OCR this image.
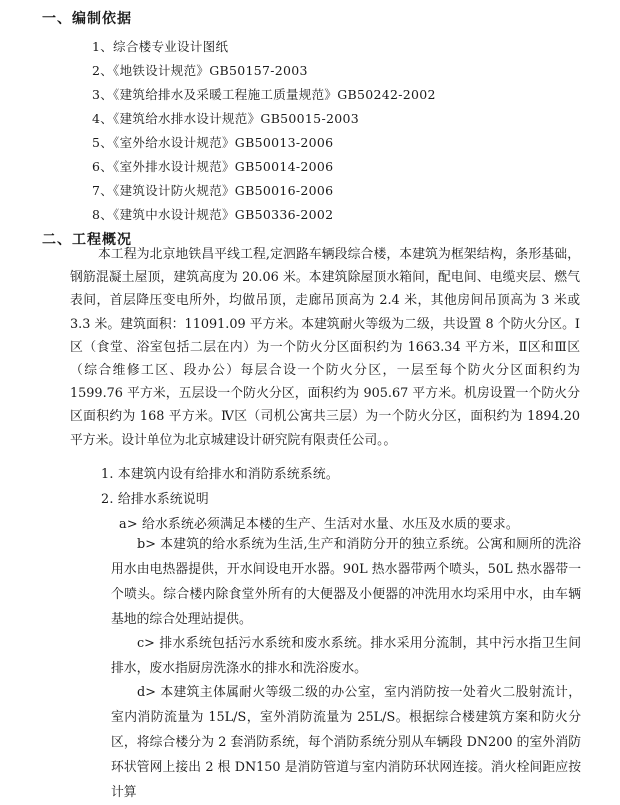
一、编制依据
1、综合楼专业设计图纸
2、《地铁设计规范》GB50157-2003
3、《建筑给排水及采暖工程施工质量规范》GB50242-2002
4、《建筑给水排水设计规范》GB50015-2003
5、《室外给水设计规范》GB50013-2006
6、《室外排水设计规范》GB50014-2006
7、《建筑设计防火规范》GB50016-2006
8、《建筑中水设计规范》GB50336-2002
二、工程概况

本工程为北京地铁昌平线工程,定泗路车辆段综合楼，本建筑为框架结构，条形基础，钢筋混凝土屋顶，建筑高度为 20.06 米。本建筑除屋顶水箱间，配电间、电缆夹层、燃气表间，首层降压变电所外，均做吊顶，走廊吊顶高为 2.4 米，其他房间吊顶高为 3 米或 3.3 米。建筑面积：11091.09 平方米。本建筑耐火等级为二级，共设置 8 个防火分区。Ⅰ区（食堂、浴室包括二层在内）为一个防火分区面积约为 1663.34 平方米，Ⅱ区和Ⅲ区（综合维修工区、段办公）每层合设一个防火分区，一层至每个防火分区面积约为 1599.76 平方米，五层设一个防火分区，面积约为 905.67 平方米。机房设置一个防火分区面积约为 168 平方米。Ⅳ区（司机公寓共三层）为一个防火分区，面积约为 1894.20 平方米。设计单位为北京城建设计研究院有限责任公司。。

1. 本建筑内设有给排水和消防系统系统。
2. 给排水系统说明
a> 给水系统必须满足本楼的生产、生活对水量、水压及水质的要求。

b> 本建筑的给水系统为生活,生产和消防分开的独立系统。公寓和厕所的洗浴用水由电热器提供，开水间设电开水器。90L 热水器带两个喷头，50L 热水器带一个喷头。综合楼内除食堂外所有的大便器及小便器的冲洗用水均采用中水，由车辆基地的综合处理站提供。

c> 排水系统包括污水系统和废水系统。排水采用分流制，其中污水指卫生间排水，废水指厨房洗涤水的排水和洗浴废水。

d> 本建筑主体属耐火等级二级的办公室，室内消防按一处着火二股射流计，室内消防流量为 15L/S，室外消防流量为 25L/S。根据综合楼建筑方案和防火分区，将综合楼分为 2 套消防系统，每个消防系统分别从车辆段 DN200 的室外消防环状管网上接出 2 根 DN150 是消防管道与室内消防环状网连接。消火栓间距应按计算
